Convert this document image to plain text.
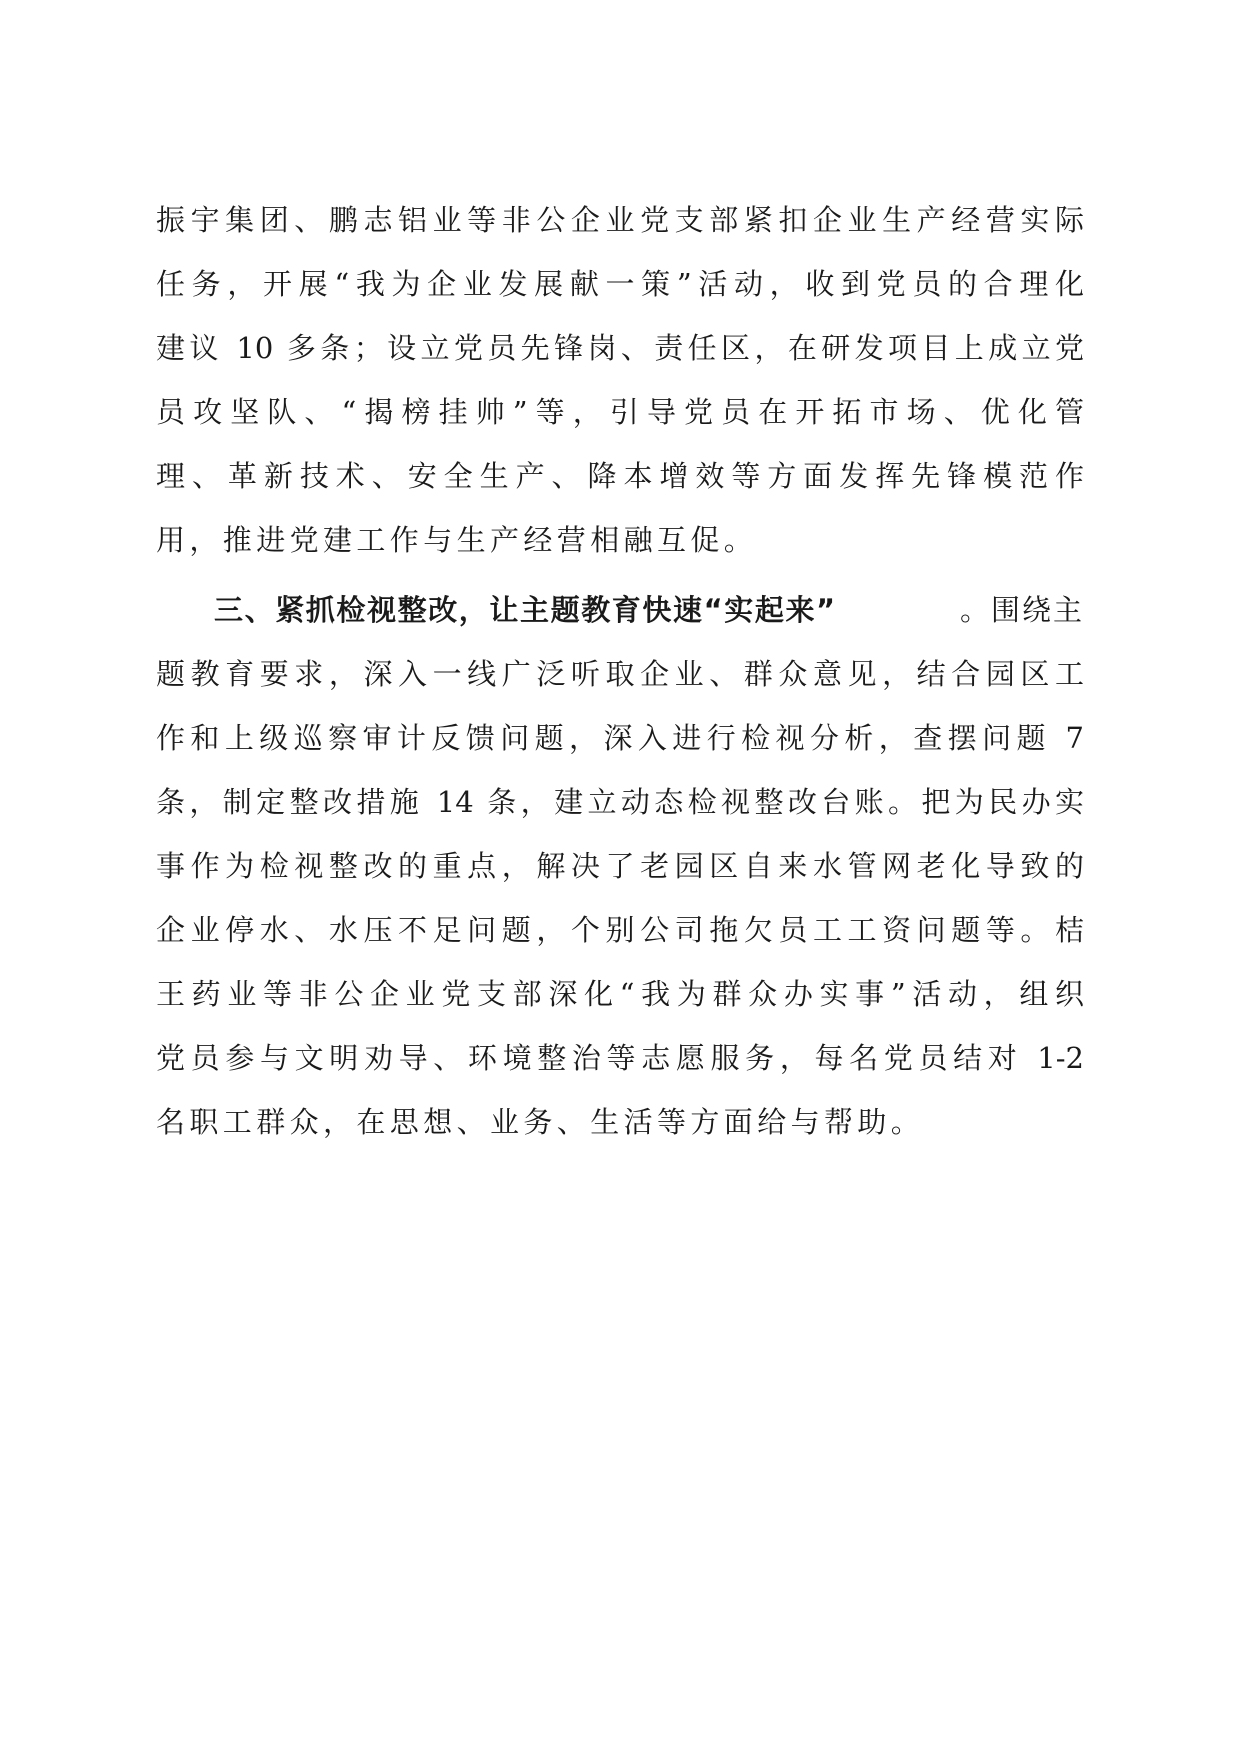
振宇集团、鹏志铝业等非公企业党支部紧扣企业生产经营实际
任务，开展“我为企业发展献一策”活动，收到党员的合理化
建议 10 多条；设立党员先锋岗、责任区，在研发项目上成立党
员攻坚队、“揭榜挂帅”等，引导党员在开拓市场、优化管
理、革新技术、安全生产、降本增效等方面发挥先锋模范作
用，推进党建工作与生产经营相融互促。
三、紧抓检视整改，让主题教育快速“实起来”	。围绕主
题教育要求，深入一线广泛听取企业、群众意见，结合园区工
作和上级巡察审计反馈问题，深入进行检视分析，查摆问题 7
条，制定整改措施 14 条，建立动态检视整改台账。把为民办实
事作为检视整改的重点，解决了老园区自来水管网老化导致的
企业停水、水压不足问题，个别公司拖欠员工工资问题等。桔
王药业等非公企业党支部深化“我为群众办实事”活动，组织
党员参与文明劝导、环境整治等志愿服务，每名党员结对 1-2
名职工群众，在思想、业务、生活等方面给与帮助。
